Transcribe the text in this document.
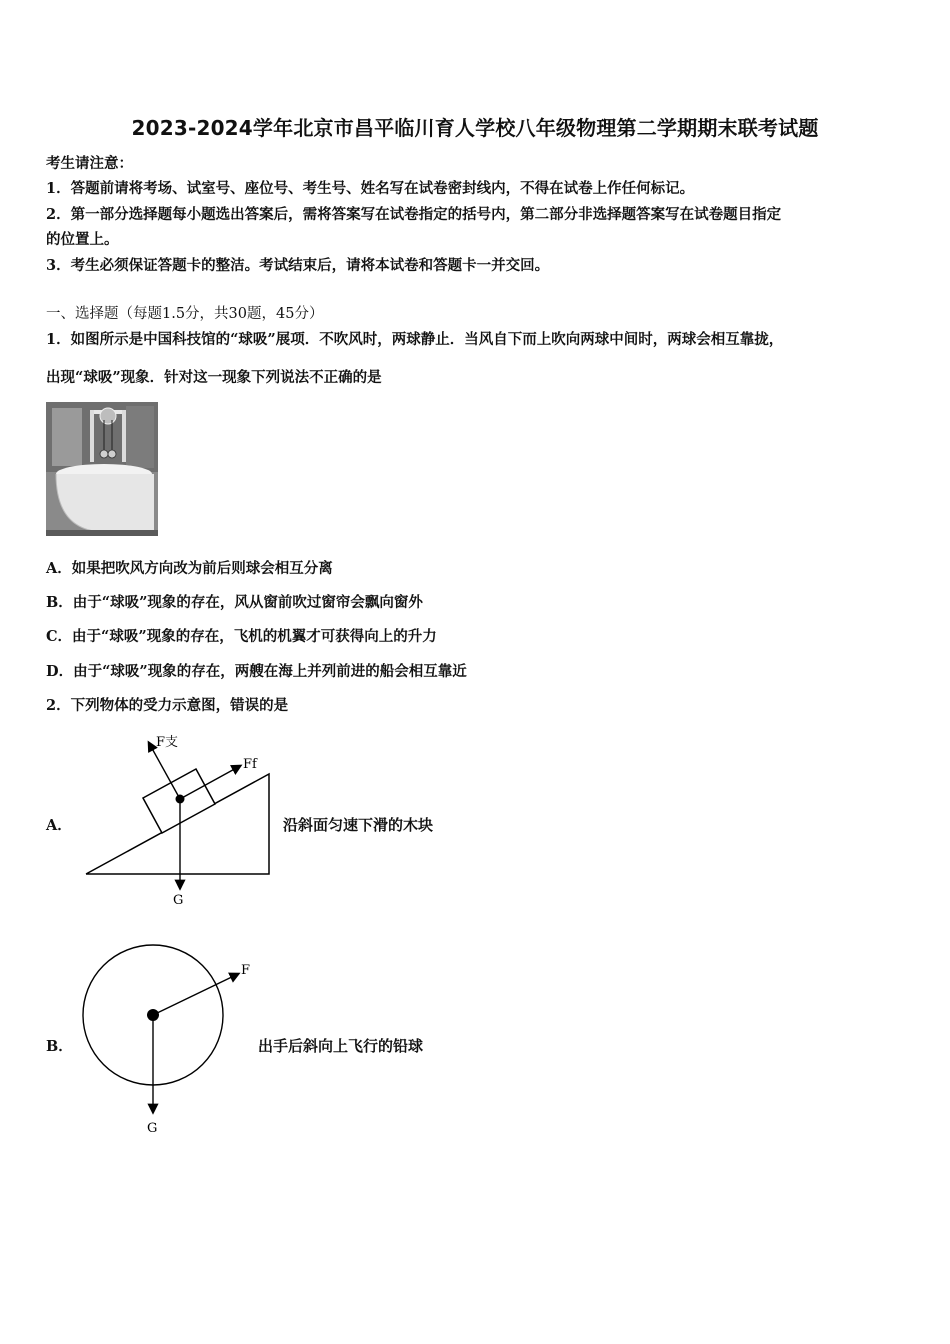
2023-2024学年北京市昌平临川育人学校八年级物理第二学期期末联考试题
考生请注意：
1．答题前请将考场、试室号、座位号、考生号、姓名写在试卷密封线内，不得在试卷上作任何标记。
2．第一部分选择题每小题选出答案后，需将答案写在试卷指定的括号内，第二部分非选择题答案写在试卷题目指定
的位置上。
3．考生必须保证答题卡的整洁。考试结束后，请将本试卷和答题卡一并交回。
一、选择题（每题1.5分，共30题，45分）
1．如图所示是中国科技馆的“球吸”展项．不吹风时，两球静止．当风自下而上吹向两球中间时，两球会相互靠拢，
出现“球吸”现象．针对这一现象下列说法不正确的是
A．如果把吹风方向改为前后则球会相互分离
B．由于“球吸”现象的存在，风从窗前吹过窗帘会飘向窗外
C．由于“球吸”现象的存在，飞机的机翼才可获得向上的升力
D．由于“球吸”现象的存在，两艘在海上并列前进的船会相互靠近
2．下列物体的受力示意图，错误的是
A．
F支
Ff
G
沿斜面匀速下滑的木块
B．
F
G
出手后斜向上飞行的铅球
